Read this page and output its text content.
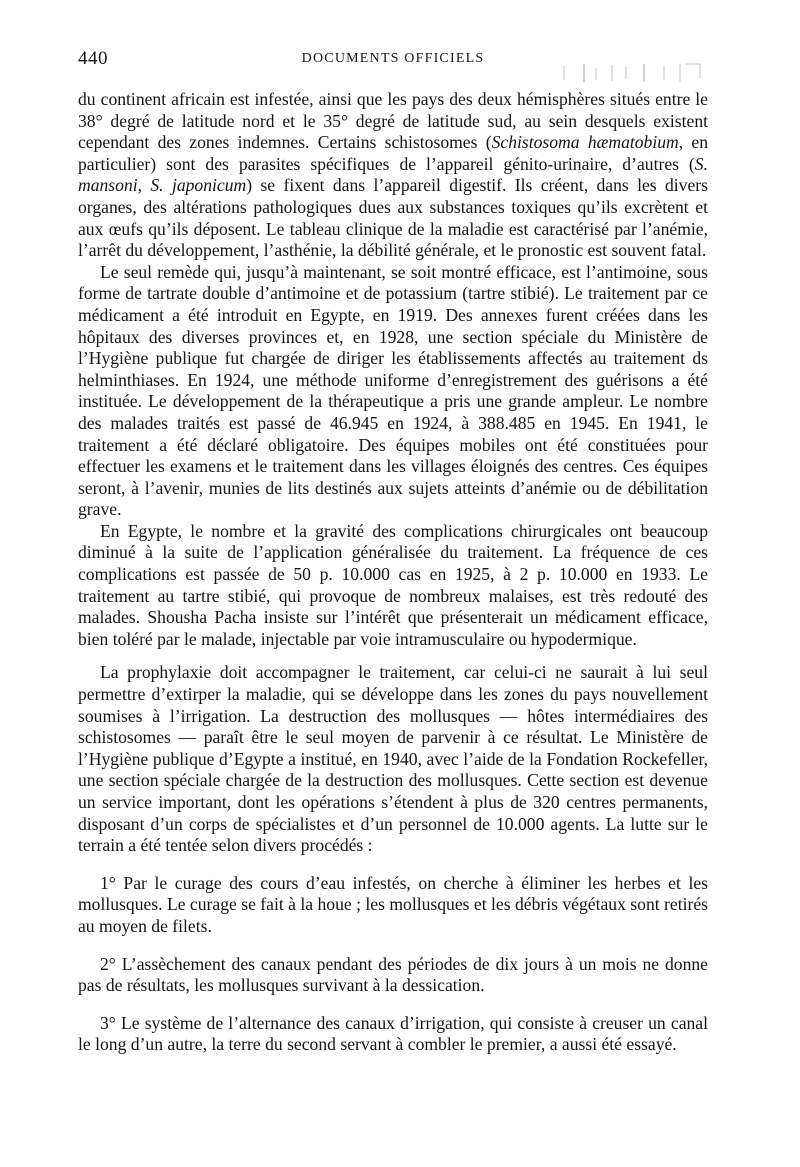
440	DOCUMENTS OFFICIELS

du continent africain est infestée, ainsi que les pays des deux hémisphères situés entre le 38° degré de latitude nord et le 35° degré de latitude sud, au sein desquels existent cependant des zones indemnes. Certains schistosomes (Schistosoma hæmatobium, en particulier) sont des parasites spécifiques de l’appareil génito-urinaire, d’autres (S. mansoni, S. japonicum) se fixent dans l’appareil digestif. Ils créent, dans les divers organes, des altérations pathologiques dues aux substances toxiques qu’ils excrètent et aux œufs qu’ils déposent. Le tableau clinique de la maladie est caractérisé par l’anémie, l’arrêt du développement, l’asthénie, la débilité générale, et le pronostic est souvent fatal.

Le seul remède qui, jusqu’à maintenant, se soit montré efficace, est l’antimoine, sous forme de tartrate double d’antimoine et de potassium (tartre stibié). Le traitement par ce médicament a été introduit en Egypte, en 1919. Des annexes furent créées dans les hôpitaux des diverses provinces et, en 1928, une section spéciale du Ministère de l’Hygiène publique fut chargée de diriger les établissements affectés au traitement ds helminthiases. En 1924, une méthode uniforme d’enregistrement des guérisons a été instituée. Le développement de la thérapeutique a pris une grande ampleur. Le nombre des malades traités est passé de 46.945 en 1924, à 388.485 en 1945. En 1941, le traitement a été déclaré obligatoire. Des équipes mobiles ont été constituées pour effectuer les examens et le traitement dans les villages éloignés des centres. Ces équipes seront, à l’avenir, munies de lits destinés aux sujets atteints d’anémie ou de débilitation grave.

En Egypte, le nombre et la gravité des complications chirurgicales ont beaucoup diminué à la suite de l’application généralisée du traitement. La fréquence de ces complications est passée de 50 p. 10.000 cas en 1925, à 2 p. 10.000 en 1933. Le traitement au tartre stibié, qui provoque de nombreux malaises, est très redouté des malades. Shousha Pacha insiste sur l’intérêt que présenterait un médicament efficace, bien toléré par le malade, injectable par voie intramusculaire ou hypodermique.

La prophylaxie doit accompagner le traitement, car celui-ci ne saurait à lui seul permettre d’extirper la maladie, qui se développe dans les zones du pays nouvellement soumises à l’irrigation. La destruction des mollusques — hôtes intermédiaires des schistosomes — paraît être le seul moyen de parvenir à ce résultat. Le Ministère de l’Hygiène publique d’Egypte a institué, en 1940, avec l’aide de la Fondation Rockefeller, une section spéciale chargée de la destruction des mollusques. Cette section est devenue un service important, dont les opérations s’étendent à plus de 320 centres permanents, disposant d’un corps de spécialistes et d’un personnel de 10.000 agents. La lutte sur le terrain a été tentée selon divers procédés :

1° Par le curage des cours d’eau infestés, on cherche à éliminer les herbes et les mollusques. Le curage se fait à la houe ; les mollusques et les débris végétaux sont retirés au moyen de filets.

2° L’assèchement des canaux pendant des périodes de dix jours à un mois ne donne pas de résultats, les mollusques survivant à la dessication.

3° Le système de l’alternance des canaux d’irrigation, qui consiste à creuser un canal le long d’un autre, la terre du second servant à combler le premier, a aussi été essayé.
